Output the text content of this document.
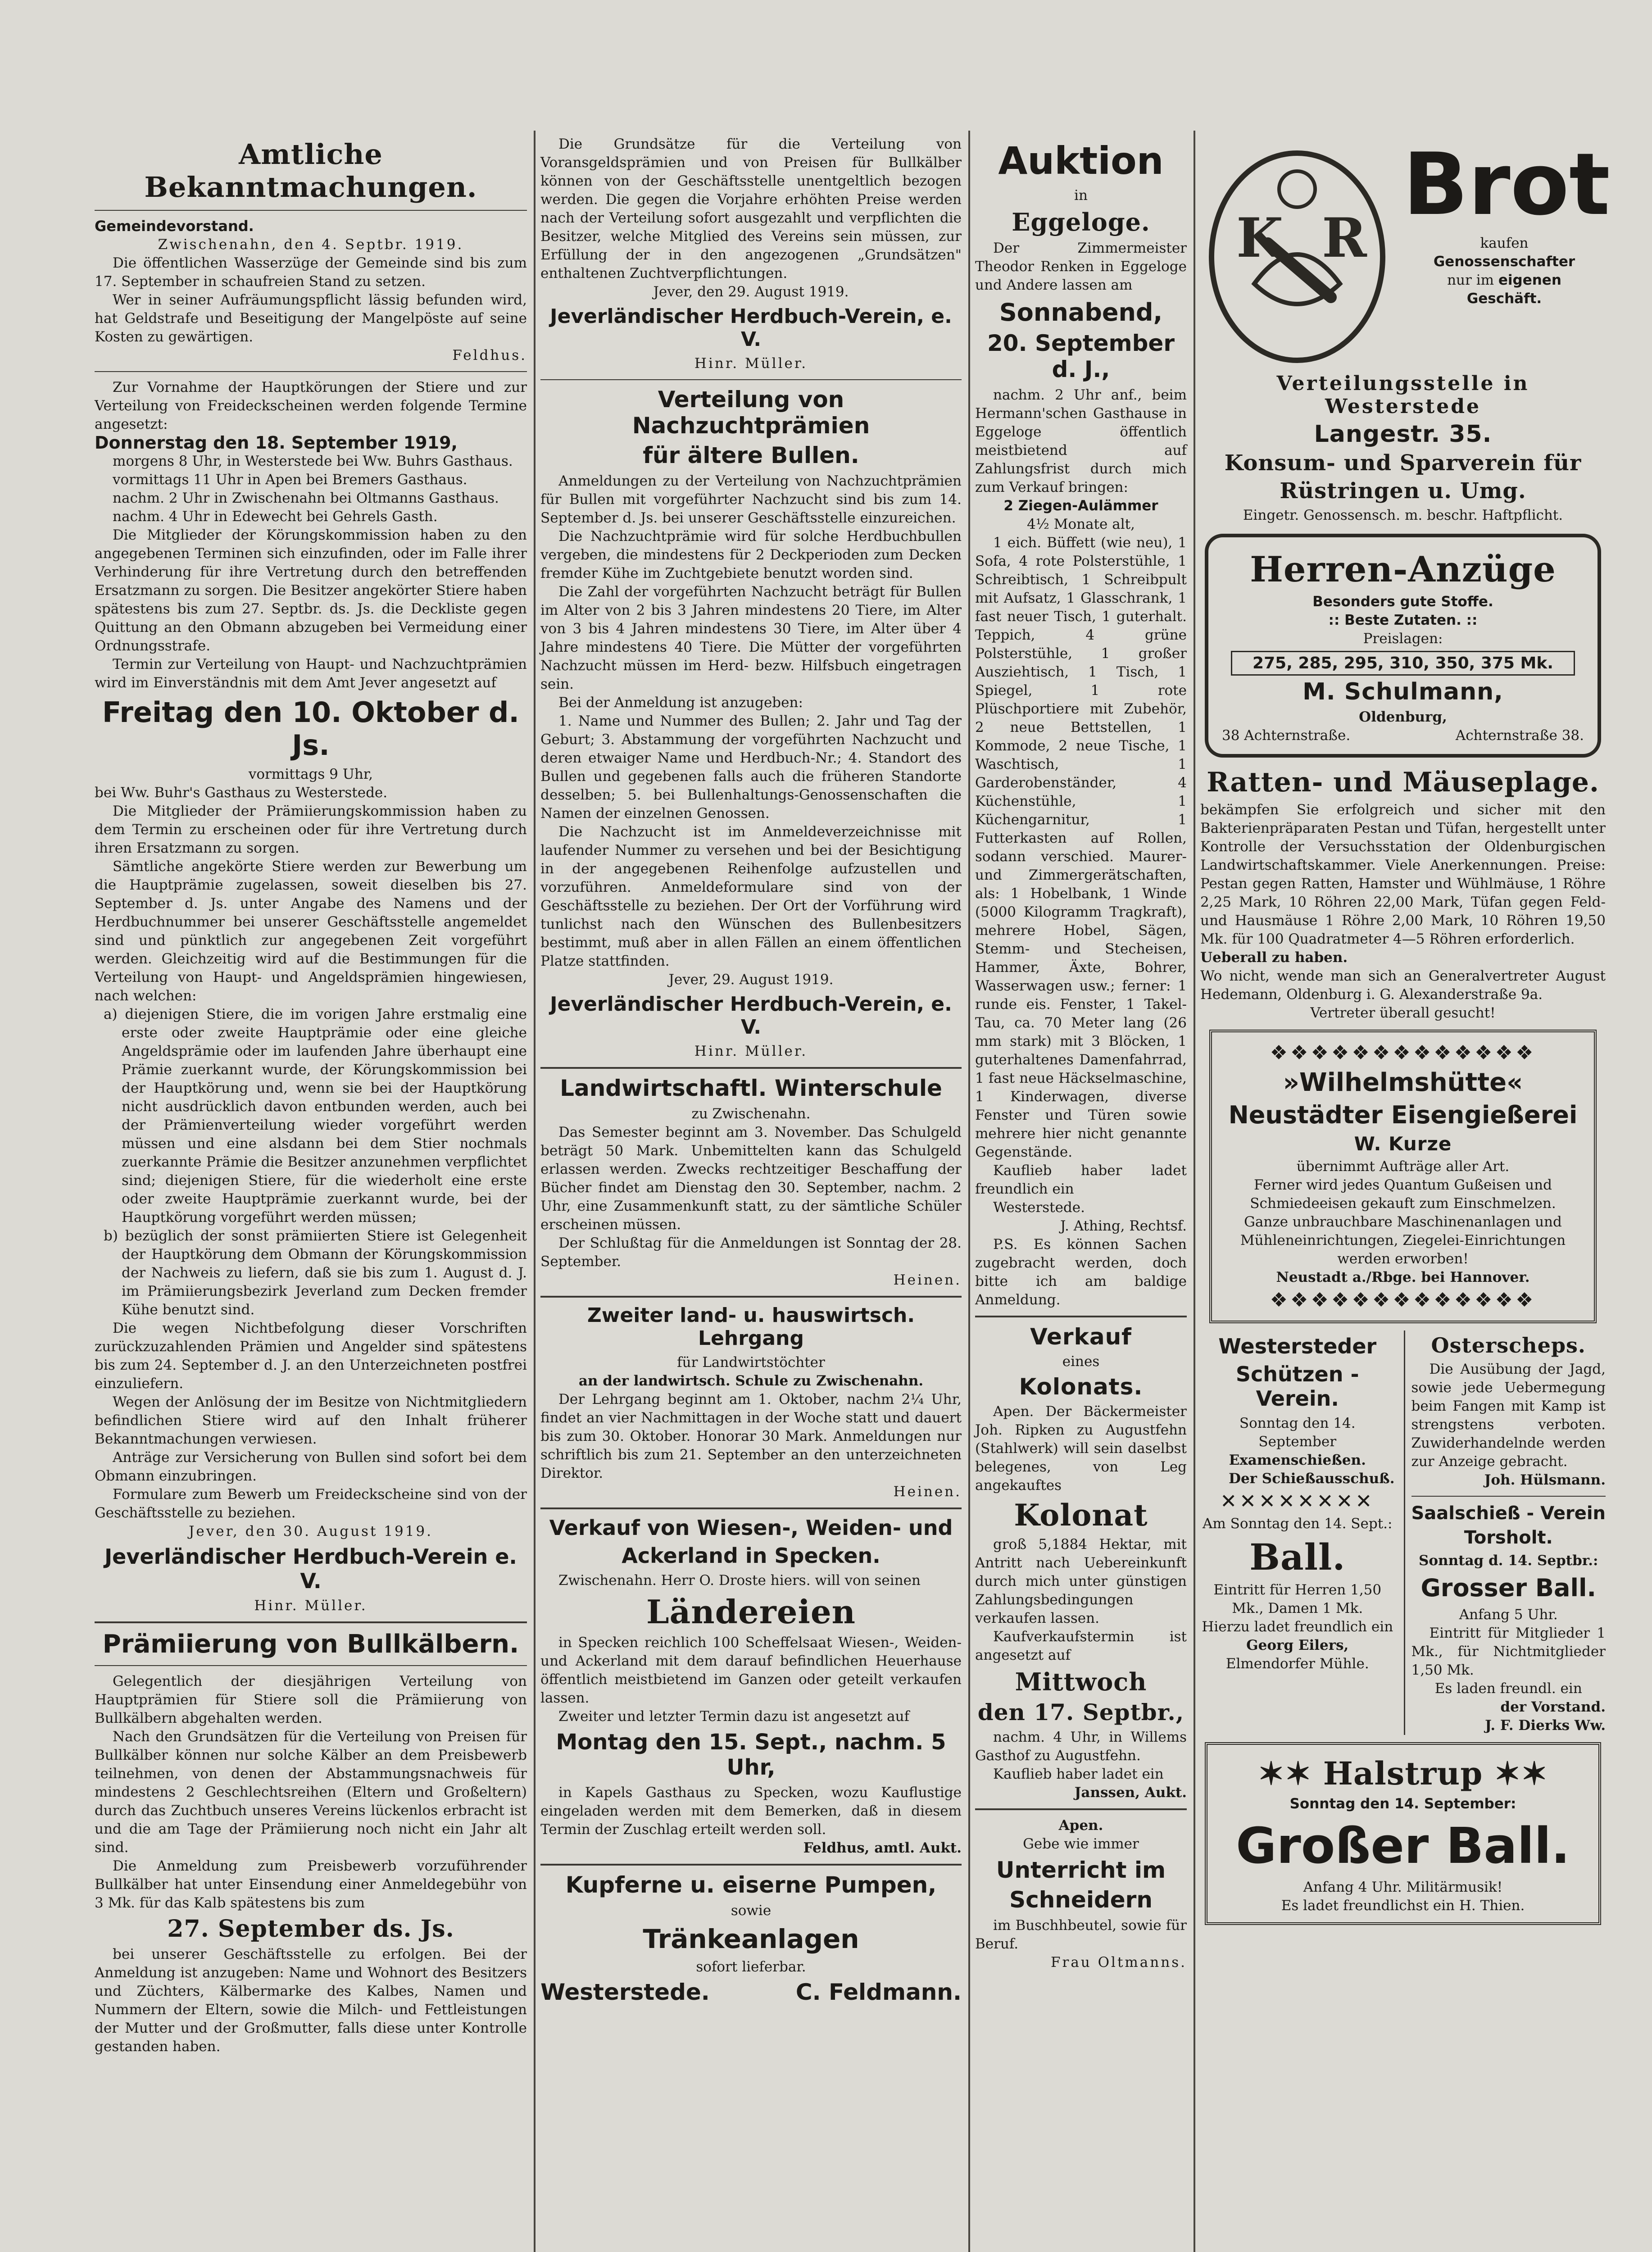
Amtliche Bekanntmachungen.

Gemeindevorstand.

Zwischenahn, den 4. Septbr. 1919.

Die öffentlichen Wasserzüge der Gemeinde sind bis zum 17. September in schaufreien Stand zu setzen.

Wer in seiner Aufräumungspflicht lässig befunden wird, hat Geldstrafe und Beseitigung der Mangelpöste auf seine Kosten zu gewärtigen.

Feldhus.

Zur Vornahme der Hauptkörungen der Stiere und zur Verteilung von Freideckscheinen werden folgende Termine angesetzt:

Donnerstag den 18. September 1919,

morgens 8 Uhr, in Westerstede bei Ww. Buhrs Gasthaus.

vormittags 11 Uhr in Apen bei Bremers Gasthaus.

nachm. 2 Uhr in Zwischenahn bei Oltmanns Gasthaus.

nachm. 4 Uhr in Edewecht bei Gehrels Gasth.

Die Mitglieder der Körungskommission haben zu den angegebenen Terminen sich einzufinden, oder im Falle ihrer Verhinderung für ihre Vertretung durch den betreffenden Ersatzmann zu sorgen. Die Besitzer angekörter Stiere haben spätestens bis zum 27. Septbr. ds. Js. die Deckliste gegen Quittung an den Obmann abzugeben bei Vermeidung einer Ordnungsstrafe.

Termin zur Verteilung von Haupt- und Nachzuchtprämien wird im Einverständnis mit dem Amt Jever angesetzt auf

Freitag den 10. Oktober d. Js.

vormittags 9 Uhr,

bei Ww. Buhr's Gasthaus zu Westerstede.

Die Mitglieder der Prämiierungskommission haben zu dem Termin zu erscheinen oder für ihre Vertretung durch ihren Ersatzmann zu sorgen.

Sämtliche angekörte Stiere werden zur Bewerbung um die Hauptprämie zugelassen, soweit dieselben bis 27. September d. Js. unter Angabe des Namens und der Herdbuchnummer bei unserer Geschäftsstelle angemeldet sind und pünktlich zur angegebenen Zeit vorgeführt werden. Gleichzeitig wird auf die Bestimmungen für die Verteilung von Haupt- und Angeldsprämien hingewiesen, nach welchen:

a) diejenigen Stiere, die im vorigen Jahre erstmalig eine erste oder zweite Hauptprämie oder eine gleiche Angeldsprämie oder im laufenden Jahre überhaupt eine Prämie zuerkannt wurde, der Körungskommission bei der Hauptkörung und, wenn sie bei der Hauptkörung nicht ausdrücklich davon entbunden werden, auch bei der Prämienverteilung wieder vorgeführt werden müssen und eine alsdann bei dem Stier nochmals zuerkannte Prämie die Besitzer anzunehmen verpflichtet sind; diejenigen Stiere, für die wiederholt eine erste oder zweite Hauptprämie zuerkannt wurde, bei der Hauptkörung vorgeführt werden müssen;

b) bezüglich der sonst prämiierten Stiere ist Gelegenheit der Hauptkörung dem Obmann der Körungskommission der Nachweis zu liefern, daß sie bis zum 1. August d. J. im Prämiierungsbezirk Jeverland zum Decken fremder Kühe benutzt sind.

Die wegen Nichtbefolgung dieser Vorschriften zurückzuzahlenden Prämien und Angelder sind spätestens bis zum 24. September d. J. an den Unterzeichneten postfrei einzuliefern.

Wegen der Anlösung der im Besitze von Nichtmitgliedern befindlichen Stiere wird auf den Inhalt früherer Bekanntmachungen verwiesen.

Anträge zur Versicherung von Bullen sind sofort bei dem Obmann einzubringen.

Formulare zum Bewerb um Freideckscheine sind von der Geschäftsstelle zu beziehen.

Jever, den 30. August 1919.

Jeverländischer Herdbuch-Verein e. V.

Hinr. Müller.

Prämiierung von Bullkälbern.

Gelegentlich der diesjährigen Verteilung von Hauptprämien für Stiere soll die Prämiierung von Bullkälbern abgehalten werden.

Nach den Grundsätzen für die Verteilung von Preisen für Bullkälber können nur solche Kälber an dem Preisbewerb teilnehmen, von denen der Abstammungsnachweis für mindestens 2 Geschlechtsreihen (Eltern und Großeltern) durch das Zuchtbuch unseres Vereins lückenlos erbracht ist und die am Tage der Prämiierung noch nicht ein Jahr alt sind.

Die Anmeldung zum Preisbewerb vorzuführender Bullkälber hat unter Einsendung einer Anmeldegebühr von 3 Mk. für das Kalb spätestens bis zum

27. September ds. Js.

bei unserer Geschäftsstelle zu erfolgen. Bei der Anmeldung ist anzugeben: Name und Wohnort des Besitzers und Züchters, Kälbermarke des Kalbes, Namen und Nummern der Eltern, sowie die Milch- und Fettleistungen der Mutter und der Großmutter, falls diese unter Kontrolle gestanden haben.

Die Grundsätze für die Verteilung von Voransgeldsprämien und von Preisen für Bullkälber können von der Geschäftsstelle unentgeltlich bezogen werden. Die gegen die Vorjahre erhöhten Preise werden nach der Verteilung sofort ausgezahlt und verpflichten die Besitzer, welche Mitglied des Vereins sein müssen, zur Erfüllung der in den angezogenen „Grundsätzen" enthaltenen Zuchtverpflichtungen.

Jever, den 29. August 1919.

Jeverländischer Herdbuch-Verein, e. V.

Hinr. Müller.

Verteilung von Nachzuchtprämien
für ältere Bullen.

Anmeldungen zu der Verteilung von Nachzuchtprämien für Bullen mit vorgeführter Nachzucht sind bis zum 14. September d. Js. bei unserer Geschäftsstelle einzureichen.

Die Nachzuchtprämie wird für solche Herdbuchbullen vergeben, die mindestens für 2 Deckperioden zum Decken fremder Kühe im Zuchtgebiete benutzt worden sind.

Die Zahl der vorgeführten Nachzucht beträgt für Bullen im Alter von 2 bis 3 Jahren mindestens 20 Tiere, im Alter von 3 bis 4 Jahren mindestens 30 Tiere, im Alter über 4 Jahre mindestens 40 Tiere. Die Mütter der vorgeführten Nachzucht müssen im Herd- bezw. Hilfsbuch eingetragen sein.

Bei der Anmeldung ist anzugeben:

1. Name und Nummer des Bullen; 2. Jahr und Tag der Geburt; 3. Abstammung der vorgeführten Nachzucht und deren etwaiger Name und Herdbuch-Nr.; 4. Standort des Bullen und gegebenen falls auch die früheren Standorte desselben; 5. bei Bullenhaltungs-Genossenschaften die Namen der einzelnen Genossen.

Die Nachzucht ist im Anmeldeverzeichnisse mit laufender Nummer zu versehen und bei der Besichtigung in der angegebenen Reihenfolge aufzustellen und vorzuführen. Anmeldeformulare sind von der Geschäftsstelle zu beziehen. Der Ort der Vorführung wird tunlichst nach den Wünschen des Bullenbesitzers bestimmt, muß aber in allen Fällen an einem öffentlichen Platze stattfinden.

Jever, 29. August 1919.

Jeverländischer Herdbuch-Verein, e. V.

Hinr. Müller.

Landwirtschaftl. Winterschule

zu Zwischenahn.

Das Semester beginnt am 3. November. Das Schulgeld beträgt 50 Mark. Unbemittelten kann das Schulgeld erlassen werden. Zwecks rechtzeitiger Beschaffung der Bücher findet am Dienstag den 30. September, nachm. 2 Uhr, eine Zusammenkunft statt, zu der sämtliche Schüler erscheinen müssen.

Der Schlußtag für die Anmeldungen ist Sonntag der 28. September.

Heinen.

Zweiter land- u. hauswirtsch. Lehrgang

für Landwirtstöchter

an der landwirtsch. Schule zu Zwischenahn.

Der Lehrgang beginnt am 1. Oktober, nachm 2¼ Uhr, findet an vier Nachmittagen in der Woche statt und dauert bis zum 30. Oktober. Honorar 30 Mark. Anmeldungen nur schriftlich bis zum 21. September an den unterzeichneten Direktor.

Heinen.

Verkauf von Wiesen-, Weiden- und
Ackerland in Specken.

Zwischenahn. Herr O. Droste hiers. will von seinen

Ländereien

in Specken reichlich 100 Scheffelsaat Wiesen-, Weiden- und Ackerland mit dem darauf befindlichen Heuerhause öffentlich meistbietend im Ganzen oder geteilt verkaufen lassen.

Zweiter und letzter Termin dazu ist angesetzt auf

Montag den 15. Sept., nachm. 5 Uhr,

in Kapels Gasthaus zu Specken, wozu Kauflustige eingeladen werden mit dem Bemerken, daß in diesem Termin der Zuschlag erteilt werden soll.

Feldhus, amtl. Aukt.

Kupferne u. eiserne Pumpen,

sowie

Tränkeanlagen

sofort lieferbar.

Westerstede.	C. Feldmann.
Auktion

in

Eggeloge.

Der Zimmermeister Theodor Renken in Eggeloge und Andere lassen am

Sonnabend,
20. September d. J.,

nachm. 2 Uhr anf., beim Hermann'schen Gasthause in Eggeloge öffentlich meistbietend auf Zahlungsfrist durch mich zum Verkauf bringen:

2 Ziegen-Aulämmer

4½ Monate alt,

1 eich. Büffett (wie neu), 1 Sofa, 4 rote Polsterstühle, 1 Schreibtisch, 1 Schreibpult mit Aufsatz, 1 Glasschrank, 1 fast neuer Tisch, 1 guterhalt. Teppich, 4 grüne Polsterstühle, 1 großer Ausziehtisch, 1 Tisch, 1 Spiegel, 1 rote Plüschportiere mit Zubehör, 2 neue Bettstellen, 1 Kommode, 2 neue Tische, 1 Waschtisch, 1 Garderobenständer, 4 Küchenstühle, 1 Küchengarnitur, 1 Futterkasten auf Rollen, sodann verschied. Maurer- und Zimmergerätschaften, als: 1 Hobelbank, 1 Winde (5000 Kilogramm Tragkraft), mehrere Hobel, Sägen, Stemm- und Stecheisen, Hammer, Äxte, Bohrer, Wasserwagen usw.; ferner: 1 runde eis. Fenster, 1 Takel-Tau, ca. 70 Meter lang (26 mm stark) mit 3 Blöcken, 1 guterhaltenes Damenfahrrad, 1 fast neue Häckselmaschine, 1 Kinderwagen, diverse Fenster und Türen sowie mehrere hier nicht genannte Gegenstände.

Kauflieb haber ladet freundlich ein

Westerstede.

J. Athing, Rechtsf.

P.S. Es können Sachen zugebracht werden, doch bitte ich am baldige Anmeldung.

Verkauf

eines

Kolonats.

Apen. Der Bäckermeister Joh. Ripken zu Augustfehn (Stahlwerk) will sein daselbst belegenes, von Leg angekauftes

Kolonat

groß 5,1884 Hektar, mit Antritt nach Uebereinkunft durch mich unter günstigen Zahlungsbedingungen verkaufen lassen.

Kaufverkaufstermin ist angesetzt auf

Mittwoch
den 17. Septbr.,

nachm. 4 Uhr, in Willems Gasthof zu Augustfehn.

Kauflieb haber ladet ein

Janssen, Aukt.

Apen.

Gebe wie immer

Unterricht im
Schneidern

im Buschhbeutel, sowie für Beruf.

Frau Oltmanns.

K R
Brot

kaufen

Genossenschafter

nur im eigenen

Geschäft.

Verteilungsstelle in Westerstede
Langestr. 35.
Konsum- und Sparverein für
Rüstringen u. Umg.

Eingetr. Genossensch. m. beschr. Haftpflicht.

Herren-Anzüge

Besonders gute Stoffe.

:: Beste Zutaten. ::

Preislagen:

275, 285, 295, 310, 350, 375 Mk.

M. Schulmann,

Oldenburg,

38 Achternstraße.	Achternstraße 38.
Ratten- und Mäuseplage.

bekämpfen Sie erfolgreich und sicher mit den Bakterienpräparaten Pestan und Tüfan, hergestellt unter Kontrolle der Versuchsstation der Oldenburgischen Landwirtschaftskammer. Viele Anerkennungen. Preise: Pestan gegen Ratten, Hamster und Wühlmäuse, 1 Röhre 2,25 Mark, 10 Röhren 22,00 Mark, Tüfan gegen Feld- und Hausmäuse 1 Röhre 2,00 Mark, 10 Röhren 19,50 Mk. für 100 Quadratmeter 4—5 Röhren erforderlich.

Ueberall zu haben.

Wo nicht, wende man sich an Generalvertreter August Hedemann, Oldenburg i. G. Alexanderstraße 9a.

Vertreter überall gesucht!

❖❖❖❖❖❖❖❖❖❖❖❖❖
»Wilhelmshütte«
Neustädter Eisengießerei
W. Kurze

übernimmt Aufträge aller Art.

Ferner wird jedes Quantum Gußeisen und Schmiedeeisen gekauft zum Einschmelzen.

Ganze unbrauchbare Maschinenanlagen und Mühleneinrichtungen, Ziegelei-Einrichtungen werden erworben!

Neustadt a./Rbge. bei Hannover.

❖❖❖❖❖❖❖❖❖❖❖❖❖
Westersteder
Schützen - Verein.

Sonntag den 14. September

Examenschießen.

Der Schießausschuß.

✕✕✕✕✕✕✕✕

Am Sonntag den 14. Sept.:

Ball.

Eintritt für Herren 1,50 Mk., Damen 1 Mk.

Hierzu ladet freundlich ein

Georg Eilers,

Elmendorfer Mühle.

Osterscheps.

Die Ausübung der Jagd, sowie jede Uebermegung beim Fangen mit Kamp ist strengstens verboten. Zuwiderhandelnde werden zur Anzeige gebracht.

Joh. Hülsmann.

Saalschieß - Verein
Torsholt.

Sonntag d. 14. Septbr.:

Grosser Ball.

Anfang 5 Uhr.

Eintritt für Mitglieder 1 Mk., für Nichtmitglieder 1,50 Mk.

Es laden freundl. ein

der Vorstand.

J. F. Dierks Ww.

✶✶ Halstrup ✶✶

Sonntag den 14. September:

Großer Ball.

Anfang 4 Uhr. Militärmusik!

Es ladet freundlichst ein H. Thien.
